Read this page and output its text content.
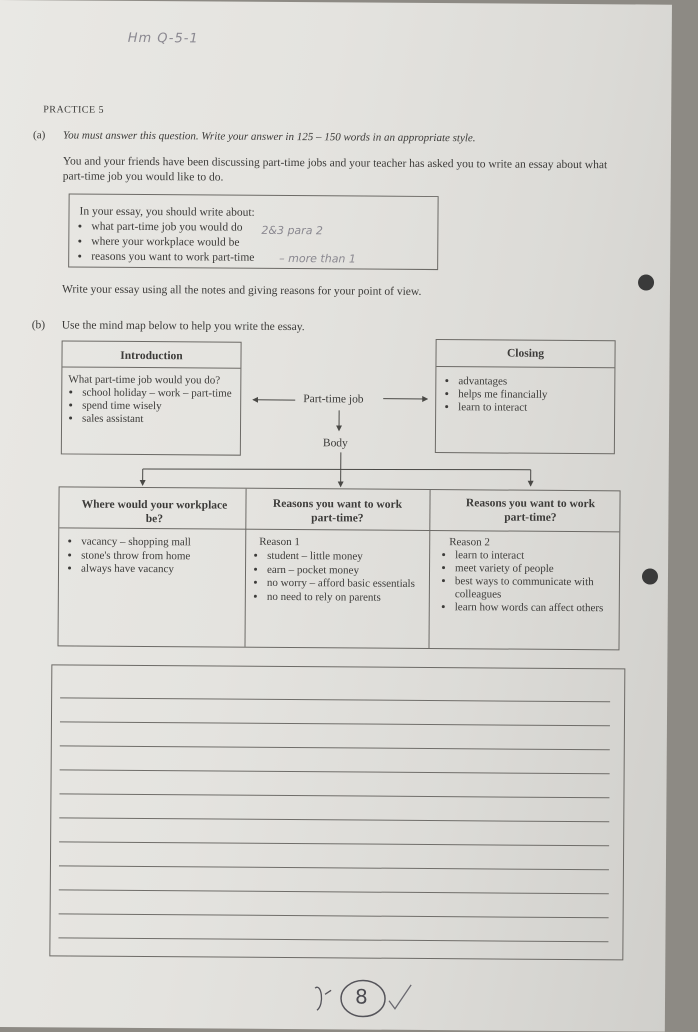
Hm Q-5-1
PRACTICE 5
(a) You must answer this question. Write your answer in 125 – 150 words in an appropriate style.
You and your friends have been discussing part-time jobs and your teacher has asked you to write an essay about what part-time job you would like to do.
In your essay, you should write about:
• what part-time job you would do
• where your workplace would be
• reasons you want to work part-time
2&3 para 2
– more than 1
Write your essay using all the notes and giving reasons for your point of view.
(b) Use the mind map below to help you write the essay.
Introduction
What part-time job would you do?
• school holiday – work – part-time
• spend time wisely
• sales assistant
Closing
• advantages
• helps me financially
• learn to interact
Part-time job
Body
Where would your workplace be?
• vacancy – shopping mall
• stone's throw from home
• always have vacancy
Reasons you want to work part-time?
Reason 1
• student – little money
• earn – pocket money
• no worry – afford basic essentials
• no need to rely on parents
Reasons you want to work part-time?
Reason 2
• learn to interact
• meet variety of people
• best ways to communicate with colleagues
• learn how words can affect others
8
